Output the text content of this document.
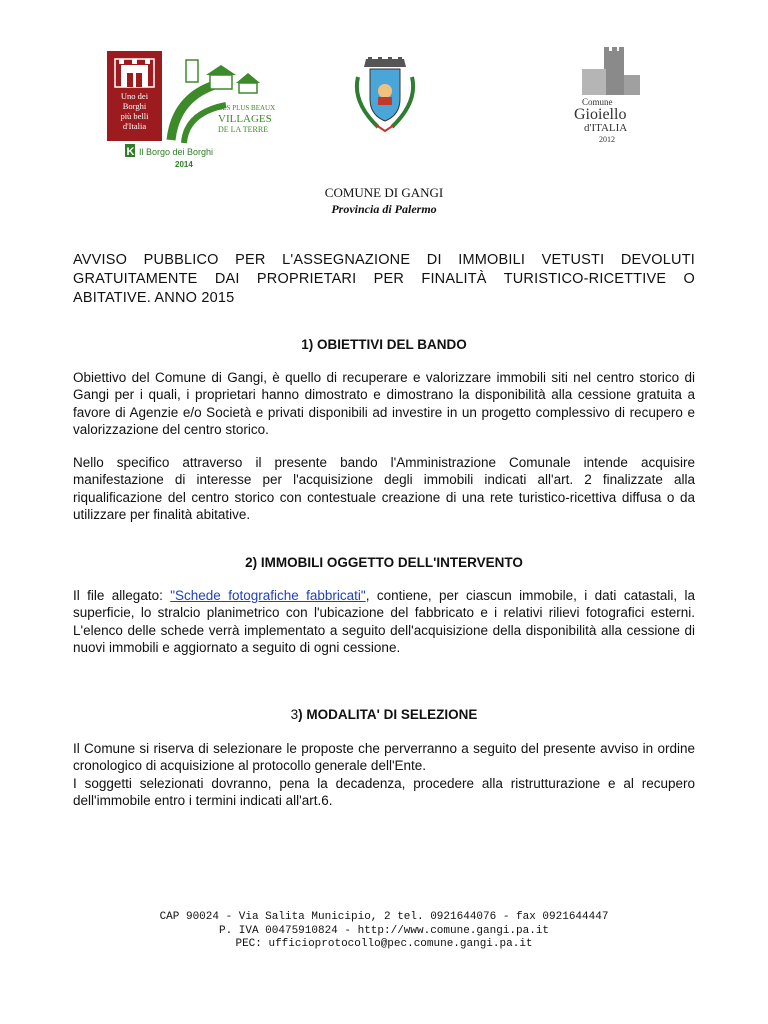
Uno dei
Borghi
più belli
d'Italia
LES PLUS BEAUX
VILLAGES
DE LA TERRE
K Il Borgo dei Borghi
2014
Comune
Gioiello
d'ITALIA
2012
COMUNE DI GANGI
Provincia di Palermo
AVVISO PUBBLICO PER L'ASSEGNAZIONE DI IMMOBILI VETUSTI DEVOLUTI GRATUITAMENTE DAI PROPRIETARI PER FINALITÀ TURISTICO-RICETTIVE O ABITATIVE. ANNO 2015
1) OBIETTIVI DEL BANDO
Obiettivo del Comune di Gangi, è quello di recuperare e valorizzare immobili siti nel centro storico di Gangi per i quali, i proprietari hanno dimostrato e dimostrano la disponibilità alla cessione gratuita a favore di Agenzie e/o Società e privati disponibili ad investire in un progetto complessivo di recupero e valorizzazione del centro storico.
Nello specifico attraverso il presente bando l'Amministrazione Comunale intende acquisire manifestazione di interesse per l'acquisizione degli immobili indicati all'art. 2 finalizzate alla riqualificazione del centro storico con contestuale creazione di una rete turistico-ricettiva diffusa o da utilizzare per finalità abitative.
2) IMMOBILI OGGETTO DELL'INTERVENTO
Il file allegato: "Schede fotografiche fabbricati", contiene, per ciascun immobile, i dati catastali, la superficie, lo stralcio planimetrico con l'ubicazione del fabbricato e i relativi rilievi fotografici esterni. L'elenco delle schede verrà implementato a seguito dell'acquisizione della disponibilità alla cessione di nuovi immobili e aggiornato a seguito di ogni cessione.
3) MODALITA' DI SELEZIONE
Il Comune si riserva di selezionare le proposte che perverranno a seguito del presente avviso in ordine cronologico di acquisizione al protocollo generale dell'Ente.
I soggetti selezionati dovranno, pena la decadenza, procedere alla ristrutturazione e al recupero dell'immobile entro i termini indicati all'art.6.
CAP 90024 - Via Salita Municipio, 2 tel. 0921644076 - fax 0921644447
P. IVA 00475910824 - http://www.comune.gangi.pa.it
PEC: ufficioprotocollo@pec.comune.gangi.pa.it
